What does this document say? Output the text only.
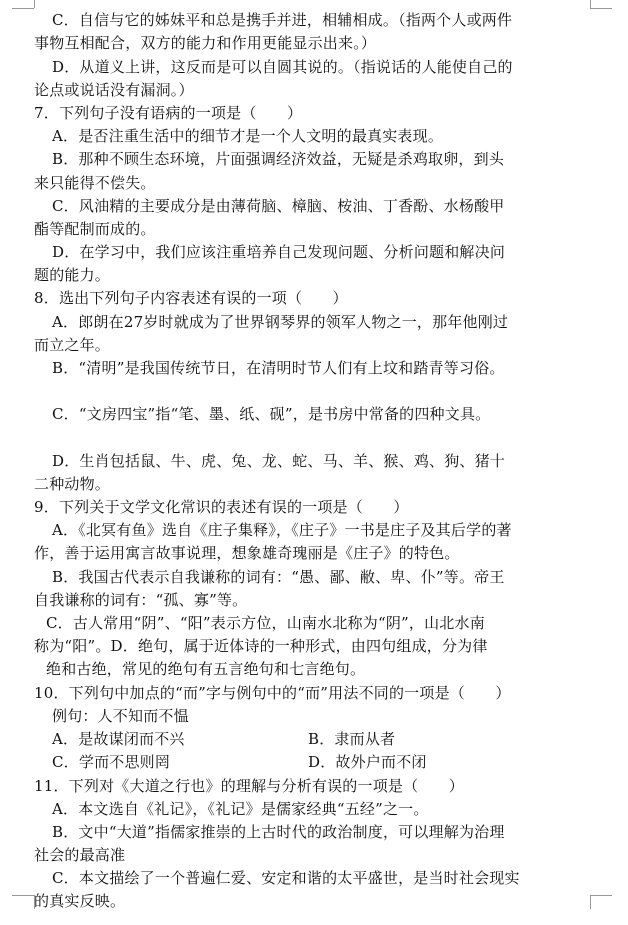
C．自信与它的姊妹平和总是携手并进，相辅相成。（指两个人或两件
事物互相配合，双方的能力和作用更能显示出来。）
D．从道义上讲，这反而是可以自圆其说的。（指说话的人能使自己的
论点或说话没有漏洞。）
7．下列句子没有语病的一项是（　　）
A．是否注重生活中的细节才是一个人文明的最真实表现。
B．那种不顾生态环境，片面强调经济效益，无疑是杀鸡取卵，到头
来只能得不偿失。
C．风油精的主要成分是由薄荷脑、樟脑、桉油、丁香酚、水杨酸甲
酯等配制而成的。
D．在学习中，我们应该注重培养自己发现问题、分析问题和解决问
题的能力。
8．选出下列句子内容表述有误的一项（　　）
A．郎朗在27岁时就成为了世界钢琴界的领军人物之一，那年他刚过
而立之年。
B．“清明”是我国传统节日，在清明时节人们有上坟和踏青等习俗。
C．“文房四宝”指“笔、墨、纸、砚”，是书房中常备的四种文具。
D．生肖包括鼠、牛、虎、兔、龙、蛇、马、羊、猴、鸡、狗、猪十
二种动物。
9．下列关于文学文化常识的表述有误的一项是（　　）
A．《北冥有鱼》选自《庄子集释》，《庄子》一书是庄子及其后学的著
作，善于运用寓言故事说理，想象雄奇瑰丽是《庄子》的特色。
B．我国古代表示自我谦称的词有：“愚、鄙、敝、卑、仆”等。帝王
自我谦称的词有：“孤、寡”等。
C．古人常用“阴”、“阳”表示方位，山南水北称为“阴”，山北水南
称为“阳”。D．绝句，属于近体诗的一种形式，由四句组成，分为律
绝和古绝，常见的绝句有五言绝句和七言绝句。
10．下列句中加点的“而”字与例句中的“而”用法不同的一项是（　　）
例句：人不知而不愠
A．是故谋闭而不兴	B．隶而从者
C．学而不思则罔	D．故外户而不闭
11．下列对《大道之行也》的理解与分析有误的一项是（　　）
A．本文选自《礼记》，《礼记》是儒家经典“五经”之一。
B．文中“大道”指儒家推崇的上古时代的政治制度，可以理解为治理
社会的最高准
C．本文描绘了一个普遍仁爱、安定和谐的太平盛世，是当时社会现实
的真实反映。
